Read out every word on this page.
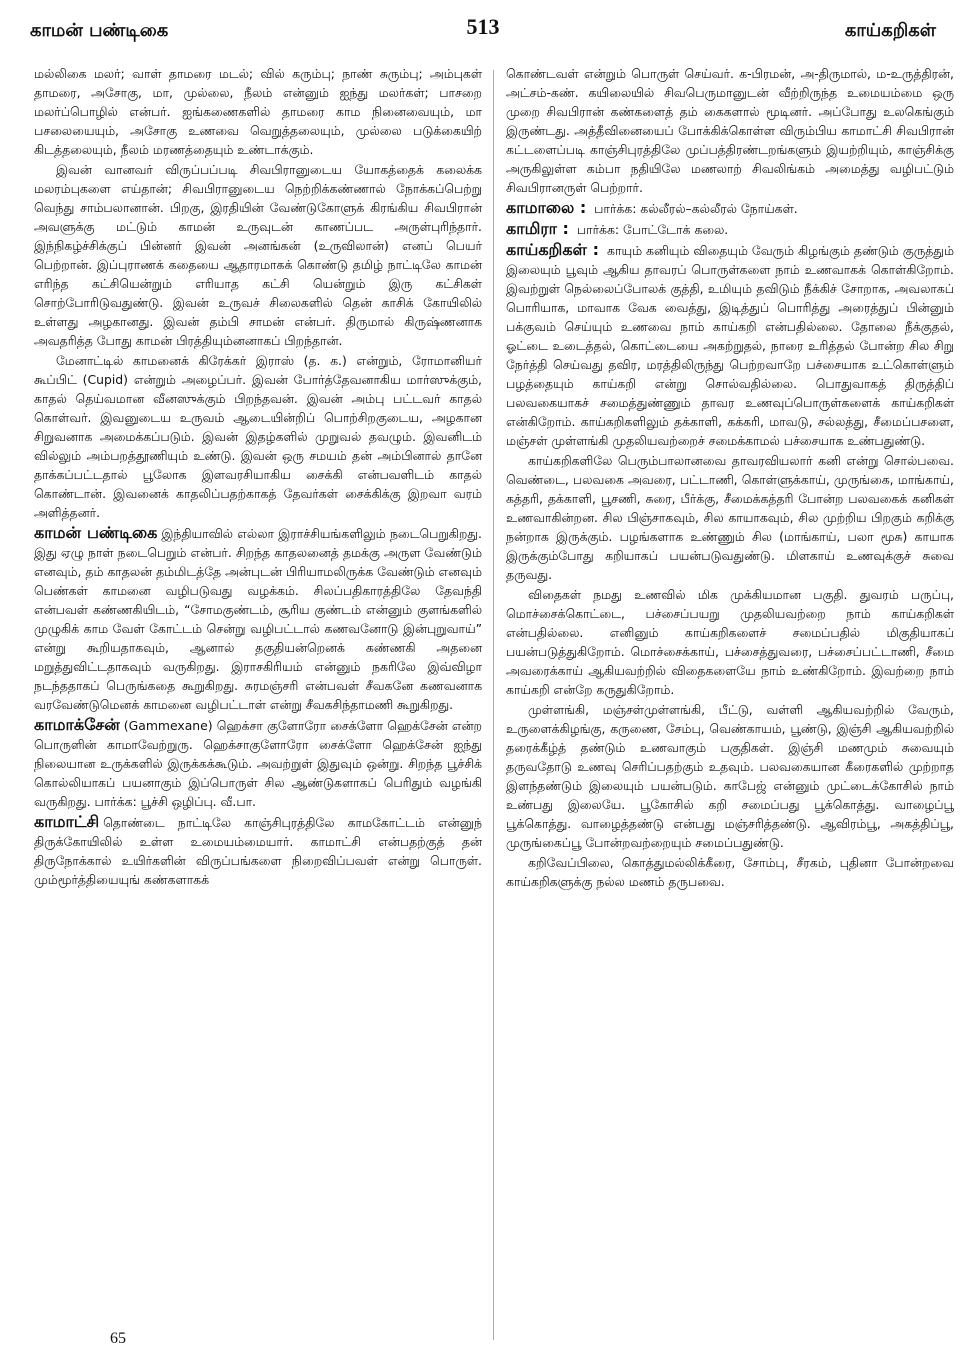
காமன் பண்டிகை	513	காய்கறிகள்

மல்லிகை மலர்; வாள் தாமரை மடல்; வில் கரும்பு; நாண் சுரும்பு; அம்புகள் தாமரை, அசோகு, மா, முல்லை, நீலம் என்னும் ஐந்து மலர்கள்; பாசறை மலர்ப்பொழில் என்பர். ஐங்கணைகளில் தாமரை காம நினைவையும், மா பசலையையும், அசோகு உணவை வெறுத்தலையும், முல்லை படுக்கையிற் கிடத்தலையும், நீலம் மரணத்தையும் உண்டாக்கும்.

இவன் வானவர் விருப்பப்படி சிவபிரானுடைய யோகத்தைக் கலைக்க மலரம்புகளை எய்தான்; சிவபிரானுடைய நெற்றிக்கண்ணால் நோக்கப்பெற்று வெந்து சாம்பலானான். பிறகு, இரதியின் வேண்டுகோளுக் கிரங்கிய சிவபிரான் அவளுக்கு மட்டும் காமன் உருவுடன் காணப்பட அருள்புரிந்தார். இந்நிகழ்ச்சிக்குப் பின்னர் இவன் அனங்கன் (உருவிலான்) எனப் பெயர் பெற்றான். இப்புராணக் கதையை ஆதாரமாகக் கொண்டு தமிழ் நாட்டிலே காமன் எரிந்த கட்சியென்றும் எரியாத கட்சி யென்றும் இரு கட்சிகள் சொற்போரிடுவதுண்டு. இவன் உருவச் சிலைகளில் தென் காசிக் கோயிலில் உள்ளது அழகானது. இவன் தம்பி சாமன் என்பர். திருமால் கிருஷ்ணனாக அவதரித்த போது காமன் பிரத்தியும்னனாகப் பிறந்தான்.

மேனாட்டில் காமனைக் கிரேக்கர் இராஸ் (த. க.) என்றும், ரோமானியர் கூப்பிட் (Cupid) என்றும் அழைப்பர். இவன் போர்த்தேவனாகிய மார்ஸுக்கும், காதல் தெய்வமான வீனஸுக்கும் பிறந்தவன். இவன் அம்பு பட்டவர் காதல் கொள்வர். இவனுடைய உருவம் ஆடையின்றிப் பொற்சிறகுடைய, அழகான சிறுவனாக அமைக்கப்படும். இவன் இதழ்களில் முறுவல் தவழும். இவனிடம் வில்லும் அம்பறத்தூணியும் உண்டு. இவன் ஒரு சமயம் தன் அம்பினால் தானே தாக்கப்பட்டதால் பூலோக இளவரசியாகிய சைக்கி என்பவளிடம் காதல் கொண்டான். இவனைக் காதலிப்பதற்காகத் தேவர்கள் சைக்கிக்கு இறவா வரம் அளித்தனர்.

காமன் பண்டிகை இந்தியாவில் எல்லா இராச்சியங்களிலும் நடைபெறுகிறது. இது ஏழு நாள் நடைபெறும் என்பர். சிறந்த காதலனைத் தமக்கு அருள வேண்டும் எனவும், தம் காதலன் தம்மிடத்தே அன்புடன் பிரியாமலிருக்க வேண்டும் எனவும் பெண்கள் காமனை வழிபடுவது வழக்கம். சிலப்பதிகாரத்திலே தேவந்தி என்பவள் கண்ணகியிடம், “சோமகுண்டம், சூரிய குண்டம் என்னும் குளங்களில் முழுகிக் காம வேள் கோட்டம் சென்று வழிபட்டால் கணவனோடு இன்புறுவாய்” என்று கூறியதாகவும், ஆனால் தகுதியன்றெனக் கண்ணகி அதனை மறுத்துவிட்டதாகவும் வருகிறது. இராசகிரியம் என்னும் நகரிலே இவ்விழா நடந்ததாகப் பெருங்கதை கூறுகிறது. சுரமஞ்சரி என்பவள் சீவகனே கணவனாக வரவேண்டுமெனக் காமனை வழிபட்டாள் என்று சீவகசிந்தாமணி கூறுகிறது.

காமாக்சேன் (Gammexane) ஹெக்சா குளோரோ சைக்ளோ ஹெக்சேன் என்ற பொருளின் காமாவேற்றுரு. ஹெக்சாகுளோரோ சைக்ளோ ஹெக்சேன் ஐந்து நிலையான உருக்களில் இருக்கக்கூடும். அவற்றுள் இதுவும் ஒன்று. சிறந்த பூச்சிக் கொல்லியாகப் பயனாகும் இப்பொருள் சில ஆண்டுகளாகப் பெரிதும் வழங்கி வருகிறது. பார்க்க: பூச்சி ஒழிப்பு. வீ.பா.

காமாட்சி தொண்டை நாட்டிலே காஞ்சிபுரத்திலே காமகோட்டம் என்னுந் திருக்கோயிலில் உள்ள உமையம்மையார். காமாட்சி என்பதற்குத் தன் திருநோக்கால் உயிர்களின் விருப்பங்களை நிறைவிப்பவள் என்று பொருள். மும்மூர்த்தியையுங் கண்களாகக்

கொண்டவள் என்றும் பொருள் செய்வர். க-பிரமன், அ-திருமால், ம-உருத்திரன், அட்சம்-கண். கயிலையில் சிவபெருமானுடன் வீற்றிருந்த உமையம்மை ஒரு முறை சிவபிரான் கண்களைத் தம் கைகளால் மூடினர். அப்போது உலகெங்கும் இருண்டது. அத்தீவினையைப் போக்கிக்கொள்ள விரும்பிய காமாட்சி சிவபிரான் கட்டளைப்படி காஞ்சிபுரத்திலே முப்பத்திரண்டறங்களும் இயற்றியும், காஞ்சிக்கு அருகிலுள்ள கம்பா நதியிலே மணலாற் சிவலிங்கம் அமைத்து வழிபட்டும் சிவபிரானருள் பெற்றார்.

காமாலை : பார்க்க: கல்லீரல்–கல்லீரல் நோய்கள்.

காமிரா : பார்க்க: போட்டோக் கலை.

காய்கறிகள் : காயும் கனியும் விதையும் வேரும் கிழங்கும் தண்டும் குருத்தும் இலையும் பூவும் ஆகிய தாவரப் பொருள்களை நாம் உணவாகக் கொள்கிறோம். இவற்றுள் நெல்லைப்போலக் குத்தி, உமியும் தவிடும் நீக்கிச் சோறாக, அவலாகப் பொரியாக, மாவாக வேக வைத்து, இடித்துப் பொரித்து அரைத்துப் பின்னும் பக்குவம் செய்யும் உணவை நாம் காய்கறி என்பதில்லை. தோலை நீக்குதல், ஓட்டை உடைத்தல், கொட்டையை அகற்றுதல், நாரை உரித்தல் போன்ற சில சிறு நேர்த்தி செய்வது தவிர, மரத்திலிருந்து பெற்றவாறே பச்சையாக உட்கொள்ளும் பழத்தையும் காய்கறி என்று சொல்வதில்லை. பொதுவாகத் திருத்திப் பலவகையாகச் சமைத்துண்ணும் தாவர உணவுப்பொருள்களைக் காய்கறிகள் என்கிறோம். காய்கறிகளிலும் தக்காளி, கக்கரி, மாவடு, சல்லத்து, சீமைப்பசளை, மஞ்சள் முள்ளங்கி முதலியவற்றைச் சமைக்காமல் பச்சையாக உண்பதுண்டு.

காய்கறிகளிலே பெரும்பாலானவை தாவரவியலார் கனி என்று சொல்பவை. வெண்டை, பலவகை அவரை, பட்டாணி, கொள்ளுக்காய், முருங்கை, மாங்காய், கத்தரி, தக்காளி, பூசணி, சுரை, பீர்க்கு, சீமைக்கத்தரி போன்ற பலவகைக் கனிகள் உணவாகின்றன. சில பிஞ்சாகவும், சில காயாகவும், சில முற்றிய பிறகும் கறிக்கு நன்றாக இருக்கும். பழங்களாக உண்ணும் சில (மாங்காய், பலா மூசு) காயாக இருக்கும்போது கறியாகப் பயன்படுவதுண்டு. மிளகாய் உணவுக்குச் சுவை தருவது.

விதைகள் நமது உணவில் மிக முக்கியமான பகுதி. துவரம் பருப்பு, மொச்சைக்கொட்டை, பச்சைப்பயறு முதலியவற்றை நாம் காய்கறிகள் என்பதில்லை. எனினும் காய்கறிகளைச் சமைப்பதில் மிகுதியாகப் பயன்படுத்துகிறோம். மொச்சைக்காய், பச்சைத்துவரை, பச்சைப்பட்டாணி, சீமை அவரைக்காய் ஆகியவற்றில் விதைகளையே நாம் உண்கிறோம். இவற்றை நாம் காய்கறி என்றே கருதுகிறோம்.

முள்ளங்கி, மஞ்சள்முள்ளங்கி, பீட்டு, வள்ளி ஆகியவற்றில் வேரும், உருளைக்கிழங்கு, கருணை, சேம்பு, வெண்காயம், பூண்டு, இஞ்சி ஆகியவற்றில் தரைக்கீழ்த் தண்டும் உணவாகும் பகுதிகள். இஞ்சி மணமும் சுவையும் தருவதோடு உணவு செரிப்பதற்கும் உதவும். பலவகையான கீரைகளில் முற்றாத இளந்தண்டும் இலையும் பயன்படும். காபேஜ் என்னும் முட்டைக்கோசில் நாம் உண்பது இலையே. பூகோசில் கறி சமைப்பது பூக்கொத்து. வாழைப்பூ பூக்கொத்து. வாழைத்தண்டு என்பது மஞ்சரித்தண்டு. ஆவிரம்பூ, அகத்திப்பூ, முருங்கைப்பூ போன்றவற்றையும் சமைப்பதுண்டு.

கறிவேப்பிலை, கொத்துமல்லிக்கீரை, சோம்பு, சீரகம், புதினா போன்றவை காய்கறிகளுக்கு நல்ல மணம் தருபவை.

65
